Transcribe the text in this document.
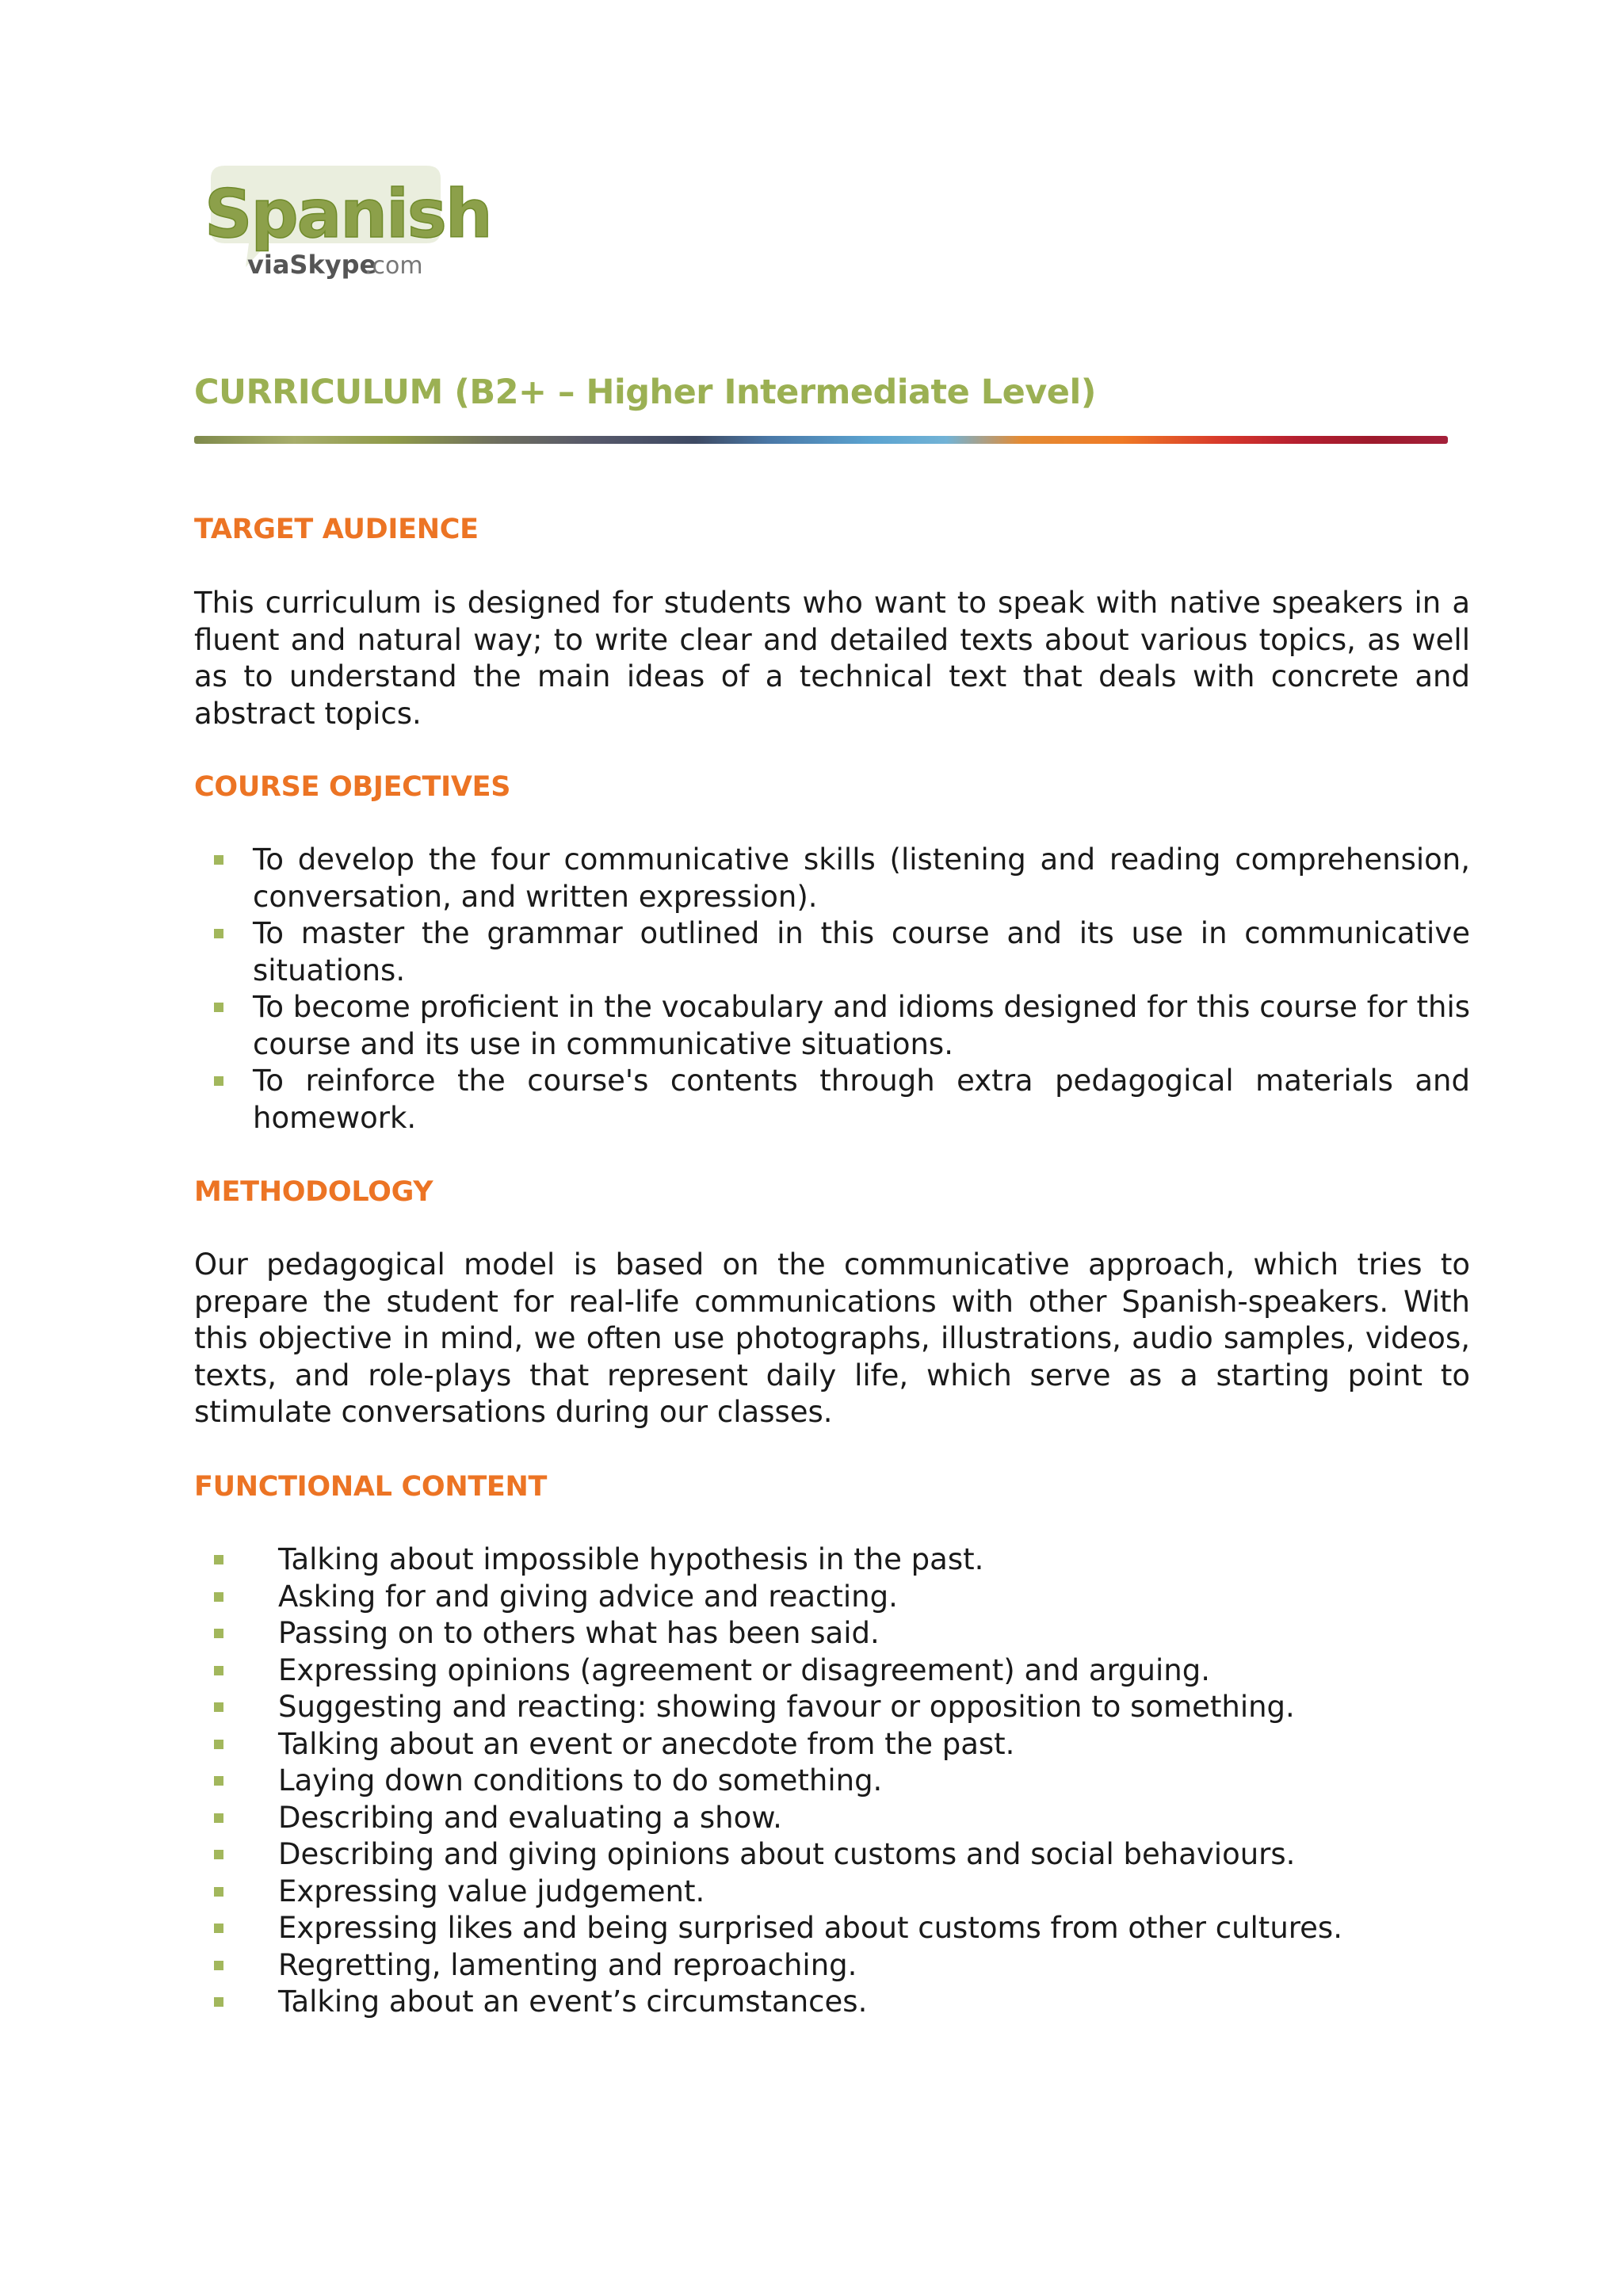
Spanish
viaSkype
.com
CURRICULUM (B2+ – Higher Intermediate Level)
TARGET AUDIENCE
This curriculum is designed for students who want to speak with native speakers in a fluent and natural way; to write clear and detailed texts about various topics, as well as to understand the main ideas of a technical text that deals with concrete and abstract topics.
COURSE OBJECTIVES
To develop the four communicative skills (listening and reading comprehension, conversation, and written expression).
To master the grammar outlined in this course and its use in communicative situations.
To become proficient in the vocabulary and idioms designed for this course for this course and its use in communicative situations.
To reinforce the course's contents through extra pedagogical materials and homework.
METHODOLOGY
Our pedagogical model is based on the communicative approach, which tries to prepare the student for real-life communications with other Spanish-speakers. With this objective in mind, we often use photographs, illustrations, audio samples, videos, texts, and role-plays that represent daily life, which serve as a starting point to stimulate conversations during our classes.
FUNCTIONAL CONTENT
Talking about impossible hypothesis in the past.
Asking for and giving advice and reacting.
Passing on to others what has been said.
Expressing opinions (agreement or disagreement) and arguing.
Suggesting and reacting: showing favour or opposition to something.
Talking about an event or anecdote from the past.
Laying down conditions to do something.
Describing and evaluating a show.
Describing and giving opinions about customs and social behaviours.
Expressing value judgement.
Expressing likes and being surprised about customs from other cultures.
Regretting, lamenting and reproaching.
Talking about an event’s circumstances.
